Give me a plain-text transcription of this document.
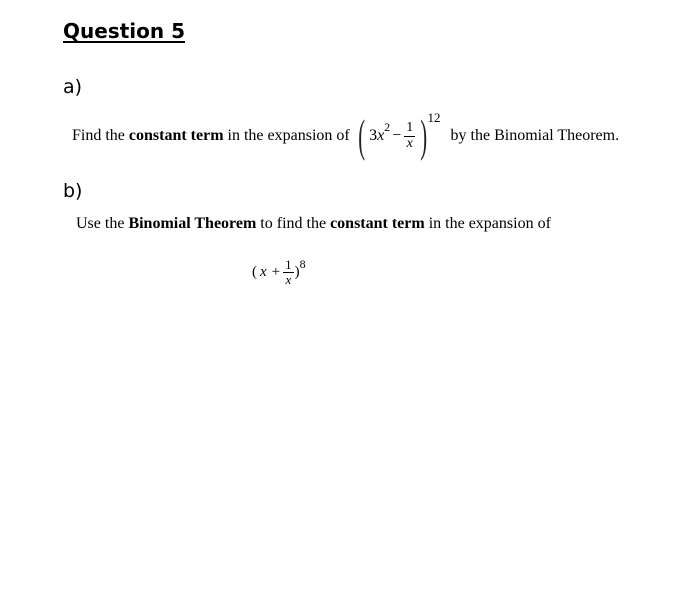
Question 5
a)
Find the constant term in the expansion of ( 3 x
2
− $\frac{1}{x}$ ) 12
by the Binomial Theorem.
b)
Use the Binomial Theorem to find the constant term in the expansion of
( $x + \frac{1}{x}$ ) 8
